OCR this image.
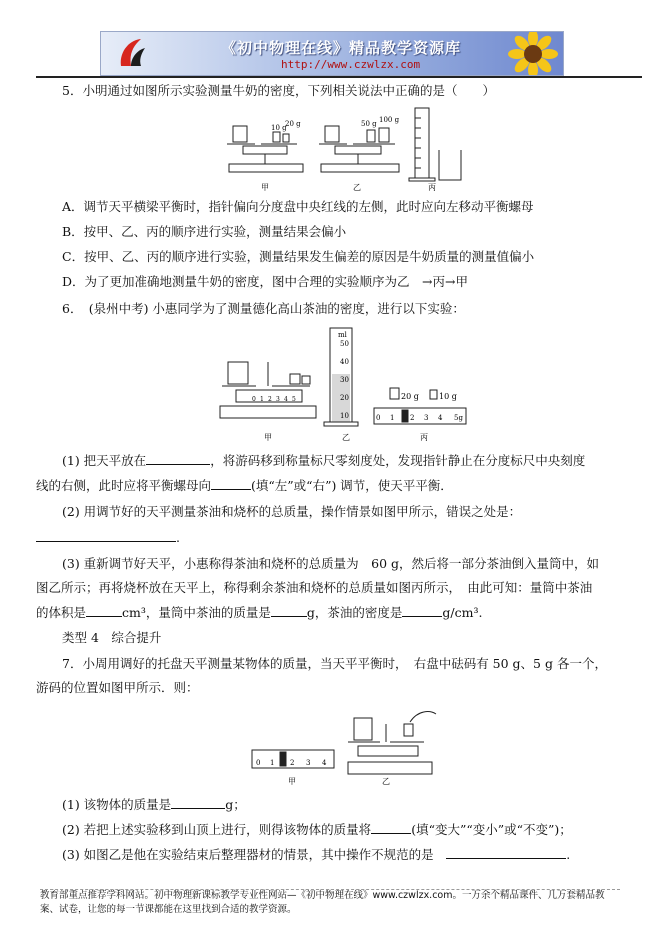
《初中物理在线》精品教学资源库
http://www.czwlzx.com
5．小明通过如图所示实验测量牛奶的密度，下列相关说法中正确的是（　　）
10 g
20 g
甲
50 g 100 g
乙	丙
A．调节天平横梁平衡时，指针偏向分度盘中央红线的左侧，此时应向左移动平衡螺母
B．按甲、乙、丙的顺序进行实验，测量结果会偏小
C．按甲、乙、丙的顺序进行实验，测量结果发生偏差的原因是牛奶质量的测量值偏小
D．为了更加准确地测量牛奶的密度，图中合理的实验顺序为乙　→丙→甲
6．　(泉州中考) 小惠同学为了测量德化高山茶油的密度，进行以下实验：
0 1 2 3 4 5
甲
ml
50
40
30
20
10
乙
20 g	10 g
0 1 2 3 4 5g
丙
(1) 把天平放在	，将游码移到称量标尺零刻度处，发现指针静止在分度标尺中央刻度
线的右侧，此时应将平衡螺母向	(填“左”或“右”) 调节，使天平平衡．
(2) 用调节好的天平测量茶油和烧杯的总质量，操作情景如图甲所示，错误之处是：
.
(3) 重新调节好天平，小惠称得茶油和烧杯的总质量为　60 g，然后将一部分茶油倒入量筒中，如
图乙所示；再将烧杯放在天平上，称得剩余茶油和烧杯的总质量如图丙所示，　由此可知：量筒中茶油
的体积是	cm³，量筒中茶油的质量是	g，茶油的密度是	g/cm³.
类型 4　综合提升
7．小周用调好的托盘天平测量某物体的质量，当天平平衡时，　右盘中砝码有 50 g、5 g 各一个，
游码的位置如图甲所示．则：
0 1 2 3 4
甲	乙
(1) 该物体的质量是	g；
(2) 若把上述实验移到山顶上进行，则得该物体的质量将	(填“变大”“变小”或“不变”)；
(3) 如图乙是他在实验结束后整理器材的情景，其中操作不规范的是　	.
教育部重点推荐学科网站。初中物理新课标教学专业性网站—《初中物理在线》www.czwlzx.com。一万余个精品课件、几万套精品教
案、试卷，让您的每一节课都能在这里找到合适的教学资源。
